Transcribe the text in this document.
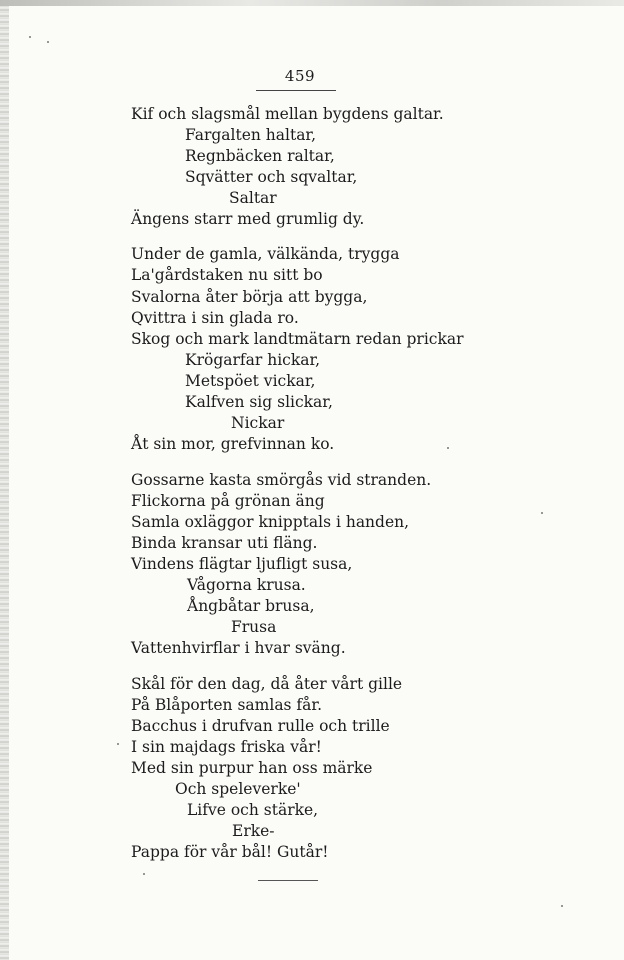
459
Kif och slagsmål mellan bygdens galtar.
Fargalten haltar,
Regnbäcken raltar,
Sqvätter och sqvaltar,
Saltar
Ängens starr med grumlig dy.
Under de gamla, välkända, trygga
La'gårdstaken nu sitt bo
Svalorna åter börja att bygga,
Qvittra i sin glada ro.
Skog och mark landtmätarn redan prickar
Krögarfar hickar,
Metspöet vickar,
Kalfven sig slickar,
Nickar
Åt sin mor, grefvinnan ko.
Gossarne kasta smörgås vid stranden.
Flickorna på grönan äng
Samla oxläggor knipptals i handen,
Binda kransar uti fläng.
Vindens flägtar ljufligt susa,
Vågorna krusa.
Ångbåtar brusa,
Frusa
Vattenhvirflar i hvar sväng.
Skål för den dag, då åter vårt gille
På Blåporten samlas får.
Bacchus i drufvan rulle och trille
I sin majdags friska vår!
Med sin purpur han oss märke
Och speleverke'
Lifve och stärke,
Erke-
Pappa för vår bål! Gutår!
